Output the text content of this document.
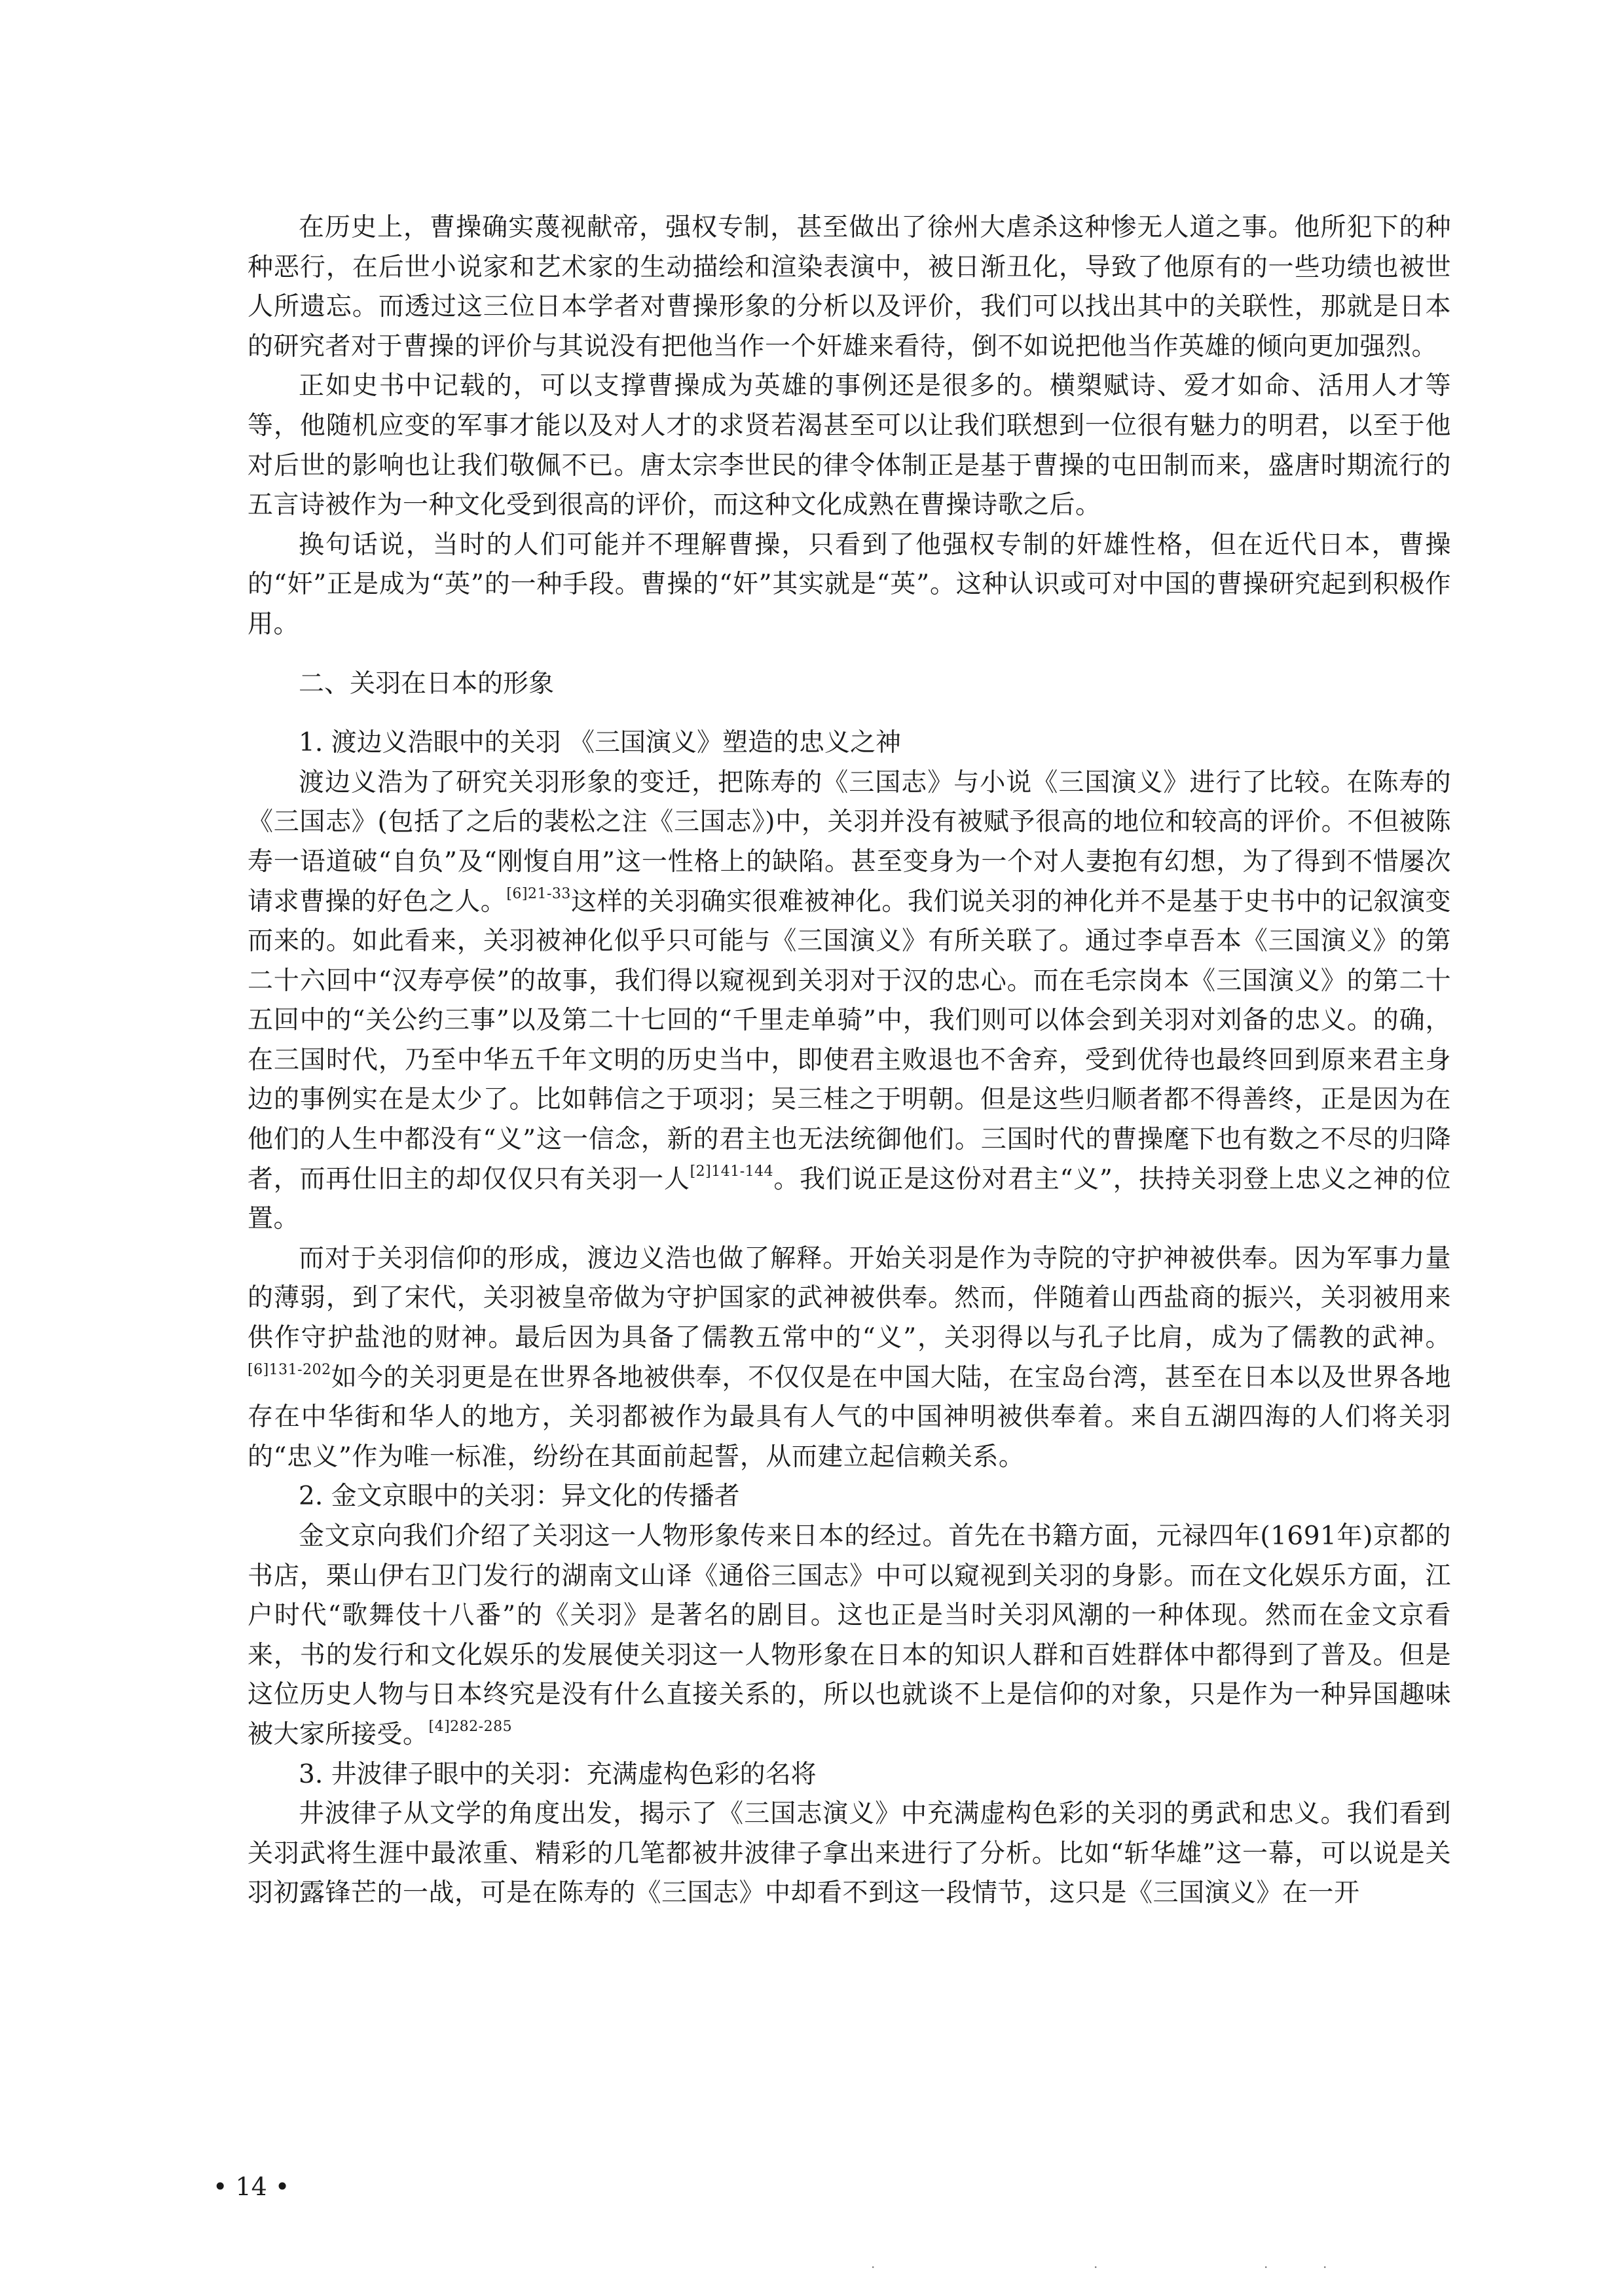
在历史上，曹操确实蔑视献帝，强权专制，甚至做出了徐州大虐杀这种惨无人道之事。他所犯下的种种恶行，在后世小说家和艺术家的生动描绘和渲染表演中，被日渐丑化，导致了他原有的一些功绩也被世人所遗忘。而透过这三位日本学者对曹操形象的分析以及评价，我们可以找出其中的关联性，那就是日本的研究者对于曹操的评价与其说没有把他当作一个奸雄来看待，倒不如说把他当作英雄的倾向更加强烈。

正如史书中记载的，可以支撑曹操成为英雄的事例还是很多的。横槊赋诗、爱才如命、活用人才等等，他随机应变的军事才能以及对人才的求贤若渴甚至可以让我们联想到一位很有魅力的明君，以至于他对后世的影响也让我们敬佩不已。唐太宗李世民的律令体制正是基于曹操的屯田制而来，盛唐时期流行的五言诗被作为一种文化受到很高的评价，而这种文化成熟在曹操诗歌之后。

换句话说，当时的人们可能并不理解曹操，只看到了他强权专制的奸雄性格，但在近代日本，曹操的“奸”正是成为“英”的一种手段。曹操的“奸”其实就是“英”。这种认识或可对中国的曹操研究起到积极作用。

二、关羽在日本的形象
1. 渡边义浩眼中的关羽 《三国演义》塑造的忠义之神

渡边义浩为了研究关羽形象的变迁，把陈寿的《三国志》与小说《三国演义》进行了比较。在陈寿的《三国志》(包括了之后的裴松之注《三国志》)中，关羽并没有被赋予很高的地位和较高的评价。不但被陈寿一语道破“自负”及“刚愎自用”这一性格上的缺陷。甚至变身为一个对人妻抱有幻想，为了得到不惜屡次请求曹操的好色之人。$^{[6]21-33}$这样的关羽确实很难被神化。我们说关羽的神化并不是基于史书中的记叙演变而来的。如此看来，关羽被神化似乎只可能与《三国演义》有所关联了。通过李卓吾本《三国演义》的第二十六回中“汉寿亭侯”的故事，我们得以窥视到关羽对于汉的忠心。而在毛宗岗本《三国演义》的第二十五回中的“关公约三事”以及第二十七回的“千里走单骑”中，我们则可以体会到关羽对刘备的忠义。的确，在三国时代，乃至中华五千年文明的历史当中，即使君主败退也不舍弃，受到优待也最终回到原来君主身边的事例实在是太少了。比如韩信之于项羽；吴三桂之于明朝。但是这些归顺者都不得善终，正是因为在他们的人生中都没有“义”这一信念，新的君主也无法统御他们。三国时代的曹操麾下也有数之不尽的归降者，而再仕旧主的却仅仅只有关羽一人$^{[2]141-144}$。我们说正是这份对君主“义”，扶持关羽登上忠义之神的位置。

而对于关羽信仰的形成，渡边义浩也做了解释。开始关羽是作为寺院的守护神被供奉。因为军事力量的薄弱，到了宋代，关羽被皇帝做为守护国家的武神被供奉。然而，伴随着山西盐商的振兴，关羽被用来供作守护盐池的财神。最后因为具备了儒教五常中的“义”，关羽得以与孔子比肩，成为了儒教的武神。$^{[6]131-202}$如今的关羽更是在世界各地被供奉，不仅仅是在中国大陆，在宝岛台湾，甚至在日本以及世界各地存在中华街和华人的地方，关羽都被作为最具有人气的中国神明被供奉着。来自五湖四海的人们将关羽的“忠义”作为唯一标准，纷纷在其面前起誓，从而建立起信赖关系。

2. 金文京眼中的关羽：异文化的传播者

金文京向我们介绍了关羽这一人物形象传来日本的经过。首先在书籍方面，元禄四年(1691年)京都的书店，栗山伊右卫门发行的湖南文山译《通俗三国志》中可以窥视到关羽的身影。而在文化娱乐方面，江户时代“歌舞伎十八番”的《关羽》是著名的剧目。这也正是当时关羽风潮的一种体现。然而在金文京看来，书的发行和文化娱乐的发展使关羽这一人物形象在日本的知识人群和百姓群体中都得到了普及。但是这位历史人物与日本终究是没有什么直接关系的，所以也就谈不上是信仰的对象，只是作为一种异国趣味被大家所接受。$^{[4]282-285}$

3. 井波律子眼中的关羽：充满虚构色彩的名将

井波律子从文学的角度出发，揭示了《三国志演义》中充满虚构色彩的关羽的勇武和忠义。我们看到关羽武将生涯中最浓重、精彩的几笔都被井波律子拿出来进行了分析。比如“斩华雄”这一幕，可以说是关羽初露锋芒的一战，可是在陈寿的《三国志》中却看不到这一段情节，这只是《三国演义》在一开

• 14 •
.	.	.	.
